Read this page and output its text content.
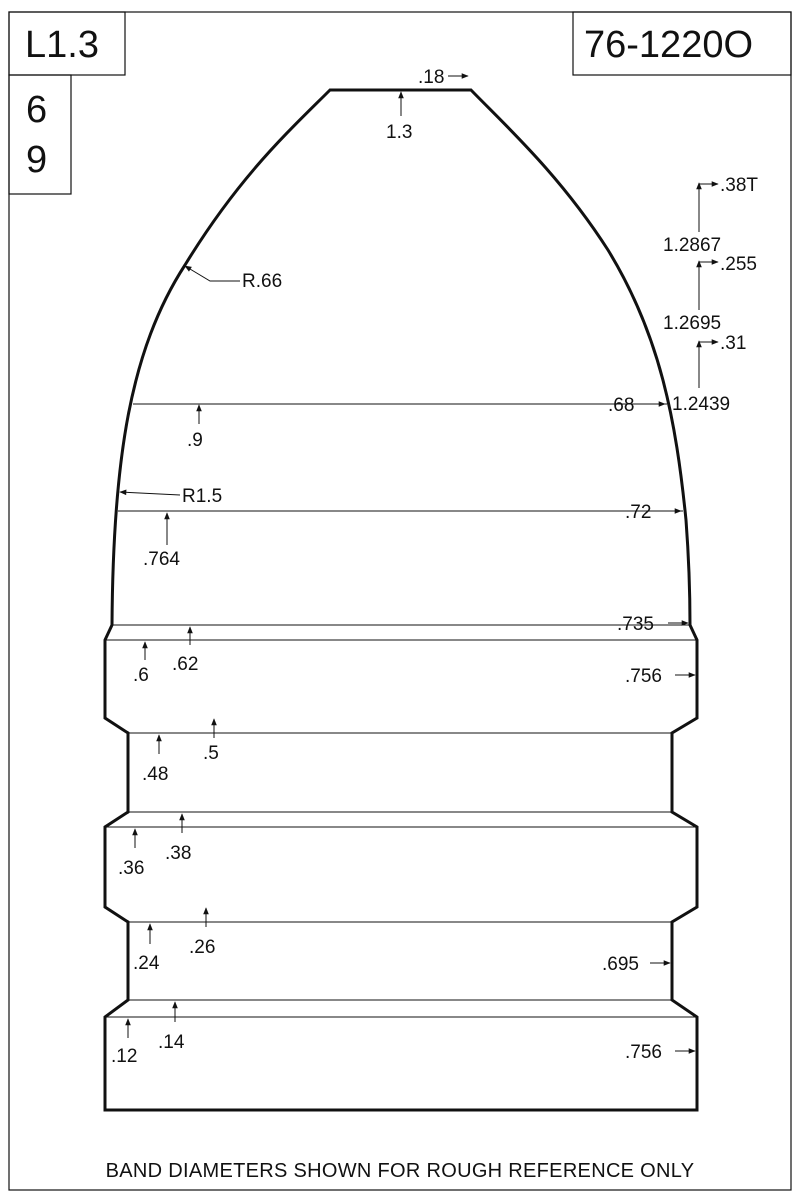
L1.3	76-1220O
6
9
.18
1.3
R.66
R1.5
.38T
1.2867
.255
1.2695
.31
1.2439
.9
.68
.764
.72
.735
.6
.62
.756
.48
.5
.36
.38
.24
.26
.695
.12
.14	.756
BAND DIAMETERS SHOWN FOR ROUGH REFERENCE ONLY
